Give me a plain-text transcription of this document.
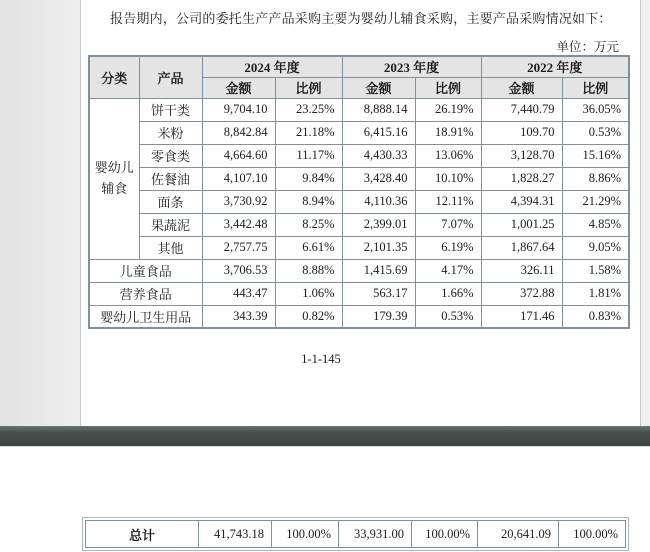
报告期内，公司的委托生产产品采购主要为婴幼儿辅食采购，主要产品采购情况如下：
单位：万元
分类	产品	2024 年度		2023 年度		2022 年度	
		金额	比例	金额	比例	金额	比例
婴幼儿辅食	饼干类	9,704.10	23.25%	8,888.14	26.19%	7,440.79	36.05%
	米粉	8,842.84	21.18%	6,415.16	18.91%	109.70	0.53%
	零食类	4,664.60	11.17%	4,430.33	13.06%	3,128.70	15.16%
	佐餐油	4,107.10	9.84%	3,428.40	10.10%	1,828.27	8.86%
	面条	3,730.92	8.94%	4,110.36	12.11%	4,394.31	21.29%
	果蔬泥	3,442.48	8.25%	2,399.01	7.07%	1,001.25	4.85%
	其他	2,757.75	6.61%	2,101.35	6.19%	1,867.64	9.05%
儿童食品		3,706.53	8.88%	1,415.69	4.17%	326.11	1.58%
营养食品		443.47	1.06%	563.17	1.66%	372.88	1.81%
婴幼儿卫生用品		343.39	0.82%	179.39	0.53%	171.46	0.83%
1-1-145
总计	41,743.18	100.00%	33,931.00	100.00%	20,641.09	100.00%
